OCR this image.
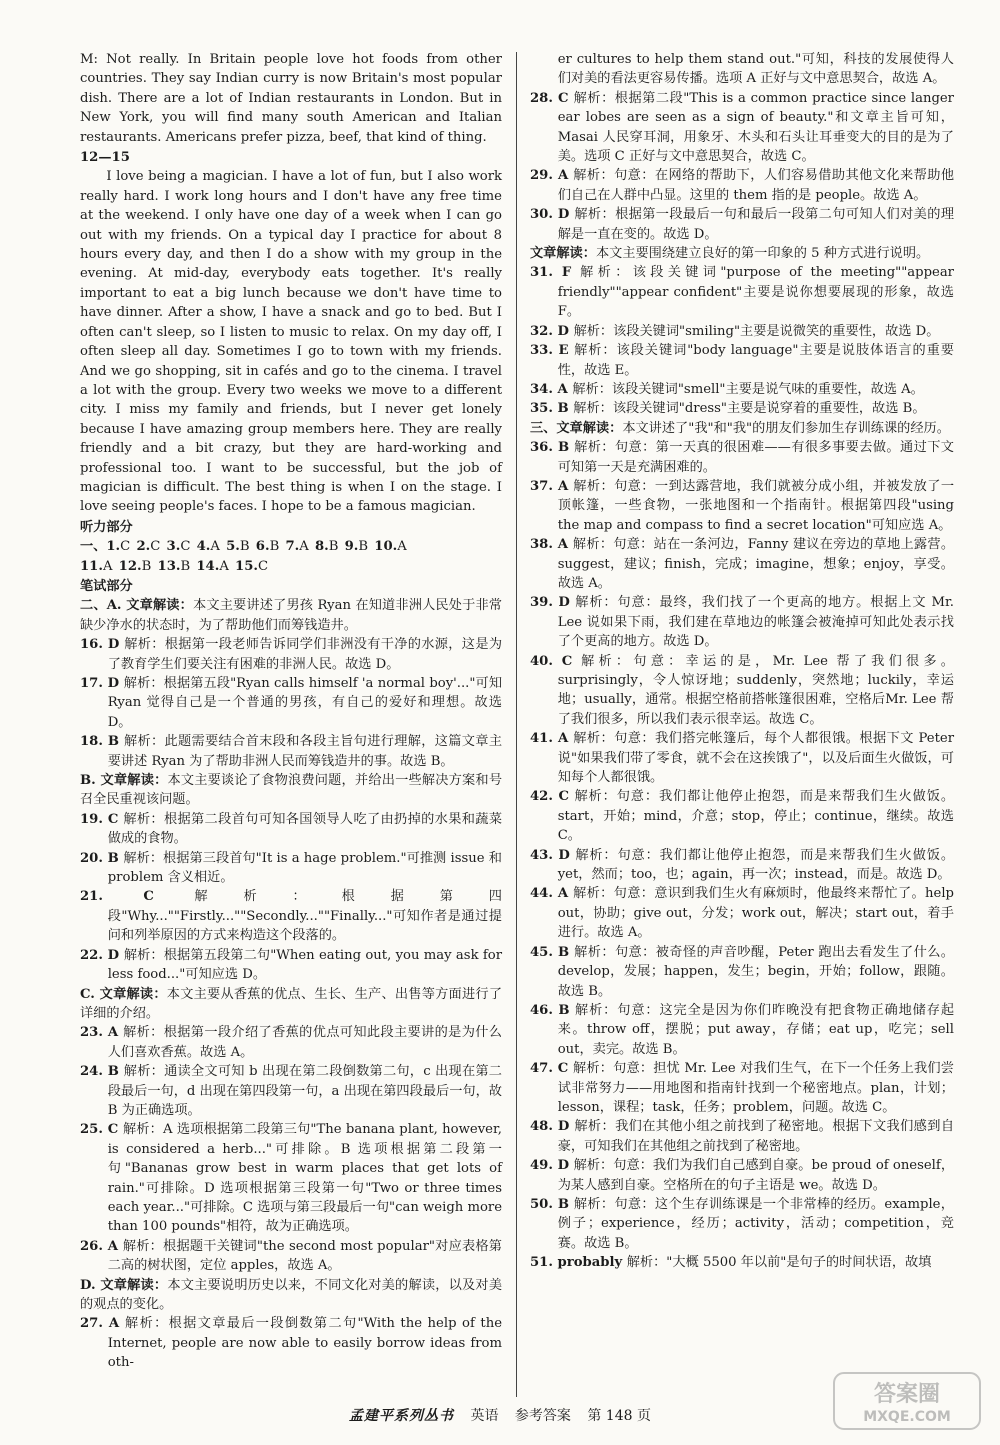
M: Not really. In Britain people love hot foods from other countries. They say Indian curry is now Britain's most popular dish. There are a lot of Indian restaurants in London. But in New York, you will find many south American and Italian restaurants. Americans prefer pizza, beef, that kind of thing.

12—15

I love being a magician. I have a lot of fun, but I also work really hard. I work long hours and I don't have any free time at the weekend. I only have one day of a week when I can go out with my friends. On a typical day I practice for about 8 hours every day, and then I do a show with my group in the evening. At mid-day, everybody eats together. It's really important to eat a big lunch because we don't have time to have dinner. After a show, I have a snack and go to bed. But I often can't sleep, so I listen to music to relax. On my day off, I often sleep all day. Sometimes I go to town with my friends. And we go shopping, sit in cafés and go to the cinema. I travel a lot with the group. Every two weeks we move to a different city. I miss my family and friends, but I never get lonely because I have amazing group members here. They are really friendly and a bit crazy, but they are hard-working and professional too. I want to be successful, but the job of magician is difficult. The best thing is when I on the stage. I love seeing people's faces. I hope to be a famous magician.

听力部分

一、1.C 2.C 3.C 4.A 5.B 6.B 7.A 8.B 9.B 10.A

11.A 12.B 13.B 14.A 15.C

笔试部分

二、A. 文章解读：本文主要讲述了男孩 Ryan 在知道非洲人民处于非常缺少净水的状态时，为了帮助他们而筹钱造井。

16. D 解析：根据第一段老师告诉同学们非洲没有干净的水源，这是为了教育学生们要关注有困难的非洲人民。故选 D。

17. D 解析：根据第五段"Ryan calls himself 'a normal boy'..."可知 Ryan 觉得自己是一个普通的男孩，有自己的爱好和理想。故选 D。

18. B 解析：此题需要结合首末段和各段主旨句进行理解，这篇文章主要讲述 Ryan 为了帮助非洲人民而筹钱造井的事。故选 B。

B. 文章解读：本文主要谈论了食物浪费问题，并给出一些解决方案和号召全民重视该问题。

19. C 解析：根据第二段首句可知各国领导人吃了由扔掉的水果和蔬菜做成的食物。

20. B 解析：根据第三段首句"It is a hage problem."可推测 issue 和 problem 含义相近。

21. C 解析：根据第四段"Why...""Firstly...""Secondly...""Finally..."可知作者是通过提问和列举原因的方式来构造这个段落的。

22. D 解析：根据第五段第二句"When eating out, you may ask for less food..."可知应选 D。

C. 文章解读：本文主要从香蕉的优点、生长、生产、出售等方面进行了详细的介绍。

23. A 解析：根据第一段介绍了香蕉的优点可知此段主要讲的是为什么人们喜欢香蕉。故选 A。

24. B 解析：通读全文可知 b 出现在第二段倒数第二句，c 出现在第二段最后一句，d 出现在第四段第一句，a 出现在第四段最后一句，故 B 为正确选项。

25. C 解析：A 选项根据第二段第三句"The banana plant, however, is considered a herb..."可排除。B 选项根据第二段第一句"Bananas grow best in warm places that get lots of rain."可排除。D 选项根据第三段第一句"Two or three times each year..."可排除。C 选项与第三段最后一句"can weigh more than 100 pounds"相符，故为正确选项。

26. A 解析：根据题干关键词"the second most popular"对应表格第二高的树状图，定位 apples，故选 A。

D. 文章解读：本文主要说明历史以来，不同文化对美的解读，以及对美的观点的变化。

27. A 解析：根据文章最后一段倒数第二句"With the help of the Internet, people are now able to easily borrow ideas from oth-

er cultures to help them stand out."可知，科技的发展使得人们对美的看法更容易传播。选项 A 正好与文中意思契合，故选 A。

28. C 解析：根据第二段"This is a common practice since langer ear lobes are seen as a sign of beauty."和文章主旨可知，Masai 人民穿耳洞，用象牙、木头和石头让耳垂变大的目的是为了美。选项 C 正好与文中意思契合，故选 C。

29. A 解析：句意：在网络的帮助下，人们容易借助其他文化来帮助他们自己在人群中凸显。这里的 them 指的是 people。故选 A。

30. D 解析：根据第一段最后一句和最后一段第二句可知人们对美的理解是一直在变的。故选 D。

文章解读：本文主要围绕建立良好的第一印象的 5 种方式进行说明。

31. F 解析：该段关键词"purpose of the meeting""appear friendly""appear confident"主要是说你想要展现的形象，故选 F。

32. D 解析：该段关键词"smiling"主要是说微笑的重要性，故选 D。

33. E 解析：该段关键词"body language"主要是说肢体语言的重要性，故选 E。

34. A 解析：该段关键词"smell"主要是说气味的重要性，故选 A。

35. B 解析：该段关键词"dress"主要是说穿着的重要性，故选 B。

三、文章解读：本文讲述了"我"和"我"的朋友们参加生存训练课的经历。

36. B 解析：句意：第一天真的很困难——有很多事要去做。通过下文可知第一天是充满困难的。

37. A 解析：句意：一到达露营地，我们就被分成小组，并被发放了一顶帐篷，一些食物，一张地图和一个指南针。根据第四段"using the map and compass to find a secret location"可知应选 A。

38. A 解析：句意：站在一条河边，Fanny 建议在旁边的草地上露营。suggest，建议；finish，完成；imagine，想象；enjoy，享受。故选 A。

39. D 解析：句意：最终，我们找了一个更高的地方。根据上文 Mr. Lee 说如果下雨，我们建在草地边的帐篷会被淹掉可知此处表示找了个更高的地方。故选 D。

40. C 解析：句意：幸运的是，Mr. Lee 帮了我们很多。surprisingly，令人惊讶地；suddenly，突然地；luckily，幸运地；usually，通常。根据空格前搭帐篷很困难，空格后Mr. Lee 帮了我们很多，所以我们表示很幸运。故选 C。

41. A 解析：句意：我们搭完帐篷后，每个人都很饿。根据下文 Peter 说"如果我们带了零食，就不会在这挨饿了"，以及后面生火做饭，可知每个人都很饿。

42. C 解析：句意：我们都让他停止抱怨，而是来帮我们生火做饭。start，开始；mind，介意；stop，停止；continue，继续。故选 C。

43. D 解析：句意：我们都让他停止抱怨，而是来帮我们生火做饭。yet，然而；too，也；again，再一次；instead，而是。故选 D。

44. A 解析：句意：意识到我们生火有麻烦时，他最终来帮忙了。help out，协助；give out，分发；work out，解决；start out，着手进行。故选 A。

45. B 解析：句意：被奇怪的声音吵醒，Peter 跑出去看发生了什么。develop，发展；happen，发生；begin，开始；follow，跟随。故选 B。

46. B 解析：句意：这完全是因为你们昨晚没有把食物正确地储存起来。throw off，摆脱；put away，存储；eat up，吃完；sell out，卖完。故选 B。

47. C 解析：句意：担忧 Mr. Lee 对我们生气，在下一个任务上我们尝试非常努力——用地图和指南针找到一个秘密地点。plan，计划；lesson，课程；task，任务；problem，问题。故选 C。

48. D 解析：我们在其他小组之前找到了秘密地。根据下文我们感到自豪，可知我们在其他组之前找到了秘密地。

49. D 解析：句意：我们为我们自己感到自豪。be proud of oneself，为某人感到自豪。空格所在的句子主语是 we。故选 D。

50. B 解析：句意：这个生存训练课是一个非常棒的经历。example，例子；experience，经历；activity，活动；competition，竞赛。故选 B。

51. probably 解析："大概 5500 年以前"是句子的时间状语，故填

孟建平系列丛书 英语 参考答案 第 148 页
答案圈
MXQE.COM
